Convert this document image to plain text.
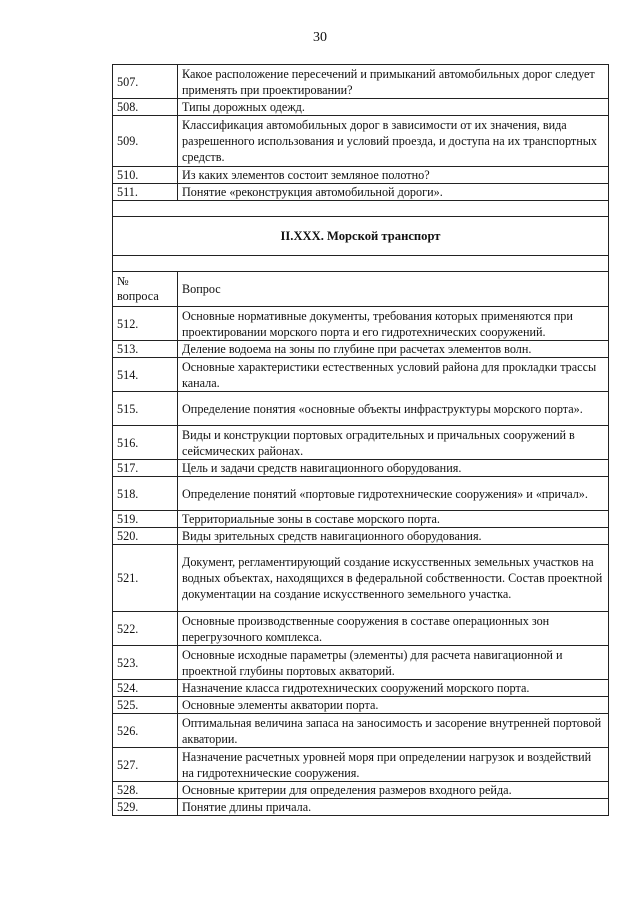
30
507.	Какое расположение пересечений и примыканий автомобильных дорог следует применять при проектировании?
508.	Типы дорожных одежд.
509.	Классификация автомобильных дорог в зависимости от их значения, вида разрешенного использования и условий проезда, и доступа на их транспортных средств.
510.	Из каких элементов состоит земляное полотно?
511.	Понятие «реконструкция автомобильной дороги».

II.XXX. Морской транспорт	

№ вопроса	Вопрос
512.	Основные нормативные документы, требования которых применяются при проектировании морского порта и его гидротехнических сооружений.
513.	Деление водоема на зоны по глубине при расчетах элементов волн.
514.	Основные характеристики естественных условий района для прокладки трассы канала.
515.	Определение понятия «основные объекты инфраструктуры морского порта».
516.	Виды и конструкции портовых оградительных и причальных сооружений в сейсмических районах.
517.	Цель и задачи средств навигационного оборудования.
518.	Определение понятий «портовые гидротехнические сооружения» и «причал».
519.	Территориальные зоны в составе морского порта.
520.	Виды зрительных средств навигационного оборудования.
521.	Документ, регламентирующий создание искусственных земельных участков на водных объектах, находящихся в федеральной собственности. Состав проектной документации на создание искусственного земельного участка.
522.	Основные производственные сооружения в составе операционных зон перегрузочного комплекса.
523.	Основные исходные параметры (элементы) для расчета навигационной и проектной глубины портовых акваторий.
524.	Назначение класса гидротехнических сооружений морского порта.
525.	Основные элементы акватории порта.
526.	Оптимальная величина запаса на заносимость и засорение внутренней портовой акватории.
527.	Назначение расчетных уровней моря при определении нагрузок и воздействий на гидротехнические сооружения.
528.	Основные критерии для определения размеров входного рейда.
529.	Понятие длины причала.
